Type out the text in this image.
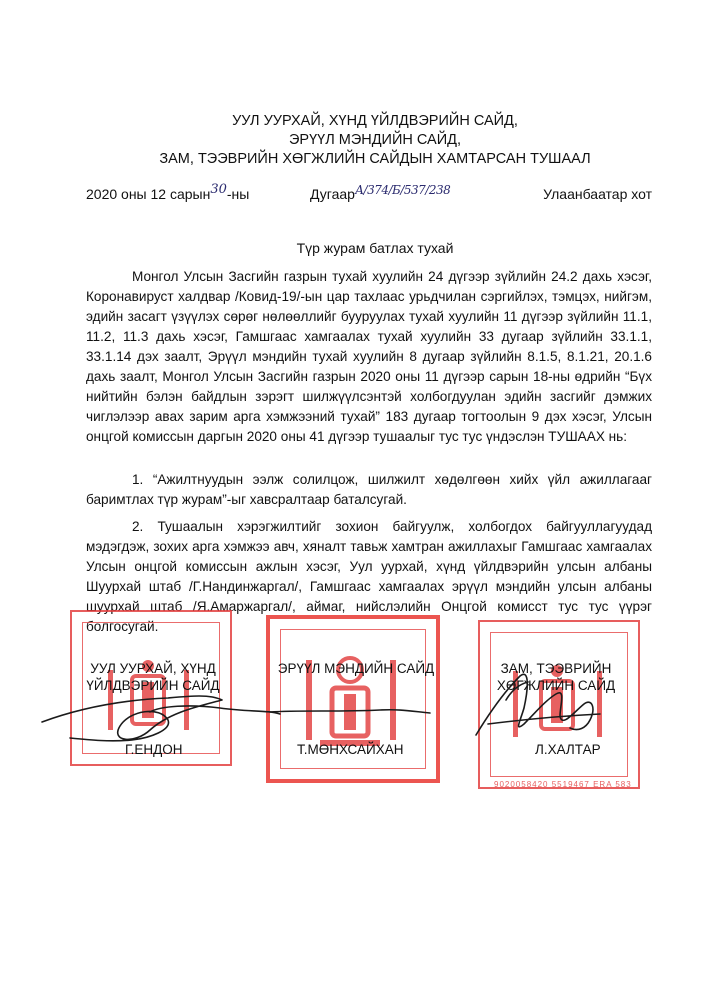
УУЛ УУРХАЙ, ХҮНД ҮЙЛДВЭРИЙН САЙД,
ЭРҮҮЛ МЭНДИЙН САЙД,
ЗАМ, ТЭЭВРИЙН ХӨГЖЛИЙН САЙДЫН ХАМТАРСАН ТУШААЛ
2020 оны 12 сарын30-ны	ДугаарА/374/Б/537/238	Улаанбаатар хот
Түр журам батлах тухай
Монгол Улсын Засгийн газрын тухай хуулийн 24 дүгээр зүйлийн 24.2 дахь хэсэг, Коронавируст халдвар /Ковид-19/-ын цар тахлаас урьдчилан сэргийлэх, тэмцэх, нийгэм, эдийн засагт үзүүлэх сөрөг нөлөөллийг бууруулах тухай хуулийн 11 дүгээр зүйлийн 11.1, 11.2, 11.3 дахь хэсэг, Гамшгаас хамгаалах тухай хуулийн 33 дугаар зүйлийн 33.1.1, 33.1.14 дэх заалт, Эрүүл мэндийн тухай хуулийн 8 дугаар зүйлийн 8.1.5, 8.1.21, 20.1.6 дахь заалт, Монгол Улсын Засгийн газрын 2020 оны 11 дүгээр сарын 18-ны өдрийн “Бүх нийтийн бэлэн байдлын зэрэгт шилжүүлсэнтэй холбогдуулан эдийн засгийг дэмжих чиглэлээр авах зарим арга хэмжээний тухай” 183 дугаар тогтоолын 9 дэх хэсэг, Улсын онцгой комиссын даргын 2020 оны 41 дүгээр тушаалыг тус тус үндэслэн ТУШААХ нь:
1. “Ажилтнуудын ээлж солилцож, шилжилт хөдөлгөөн хийх үйл ажиллагааг баримтлах түр журам”-ыг хавсралтаар баталсугай.
2. Тушаалын хэрэгжилтийг зохион байгуулж, холбогдох байгууллагуудад мэдэгдэж, зохих арга хэмжээ авч, хяналт тавьж хамтран ажиллахыг Гамшгаас хамгаалах Улсын онцгой комиссын ажлын хэсэг, Уул уурхай, хүнд үйлдвэрийн улсын албаны Шуурхай штаб /Г.Нандинжаргал/, Гамшгаас хамгаалах эрүүл мэндийн улсын албаны шуурхай штаб /Я.Амаржаргал/, аймаг, нийслэлийн Онцгой комисст тус тус үүрэг болгосугай.
9020058420 5519467 ERA 583
УУЛ УУРХАЙ, ХҮНД
ҮЙЛДВЭРИЙН САЙД
ЭРҮҮЛ МЭНДИЙН САЙД	ЗАМ, ТЭЭВРИЙН
ХӨГЖЛИЙН САЙД
Г.ЕНДОН	Т.МӨНХСАЙХАН	Л.ХАЛТАР
